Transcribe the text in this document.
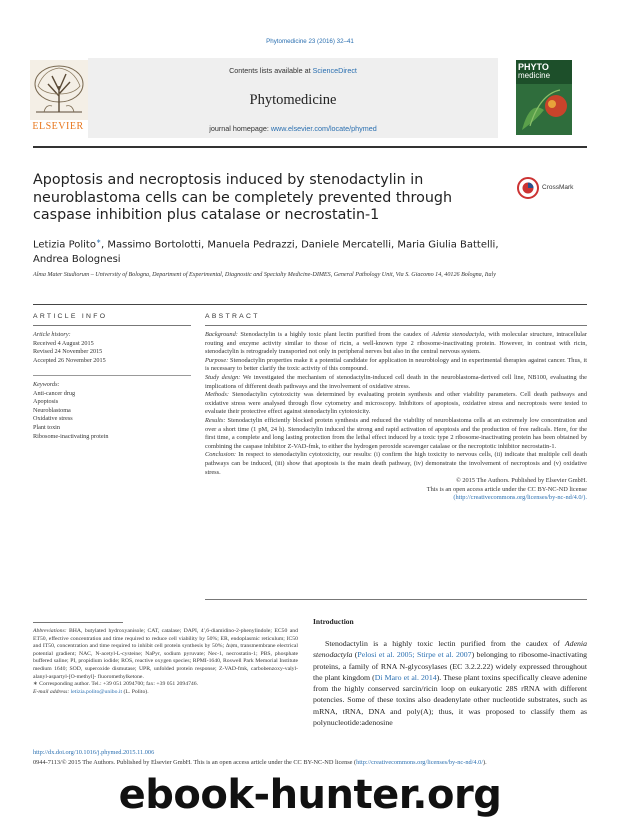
Phytomedicine 23 (2016) 32–41
ELSEVIER
Contents lists available at ScienceDirect
Phytomedicine
journal homepage: www.elsevier.com/locate/phymed
PHYTO
medicine
Apoptosis and necroptosis induced by stenodactylin in neuroblastoma cells can be completely prevented through caspase inhibition plus catalase or necrostatin-1
CrossMark
Letizia Polito∗, Massimo Bortolotti, Manuela Pedrazzi, Daniele Mercatelli, Maria Giulia Battelli,
Andrea Bolognesi
Alma Mater Studiorum – University of Bologna, Department of Experimental, Diagnostic and Specialty Medicine-DIMES, General Pathology Unit, Via S. Giacomo 14, 40126 Bologna, Italy
ARTICLE INFO	ABSTRACT
Article history:
Received 4 August 2015
Revised 24 November 2015
Accepted 26 November 2015
Keywords:
Anti-cancer drug
Apoptosis
Neuroblastoma
Oxidative stress
Plant toxin
Ribosome-inactivating protein

Background: Stenodactylin is a highly toxic plant lectin purified from the caudex of Adenia stenodactyla, with molecular structure, intracellular routing and enzyme activity similar to those of ricin, a well-known type 2 ribosome-inactivating protein. However, in contrast with ricin, stenodactylin is retrogradely transported not only in peripheral nerves but also in the central nervous system.

Purpose: Stenodactylin properties make it a potential candidate for application in neurobiology and in experimental therapies against cancer. Thus, it is necessary to better clarify the toxic activity of this compound.

Study design: We investigated the mechanism of stenodactylin-induced cell death in the neuroblastoma-derived cell line, NB100, evaluating the implications of different death pathways and the involvement of oxidative stress.

Methods: Stenodactylin cytotoxicity was determined by evaluating protein synthesis and other viability parameters. Cell death pathways and oxidative stress were analysed through flow cytometry and microscopy. Inhibitors of apoptosis, oxidative stress and necroptosis were tested to evaluate their protective effect against stenodactylin cytotoxicity.

Results: Stenodactylin efficiently blocked protein synthesis and reduced the viability of neuroblastoma cells at an extremely low concentration and over a short time (1 pM, 24 h). Stenodactylin induced the strong and rapid activation of apoptosis and the production of free radicals. Here, for the first time, a complete and long lasting protection from the lethal effect induced by a toxic type 2 ribosome-inactivating protein has been obtained by combining the caspase inhibitor Z-VAD-fmk, to either the hydrogen peroxide scavenger catalase or the necroptotic inhibitor necrostatin-1.

Conclusion: In respect to stenodactylin cytotoxicity, our results: (i) confirm the high toxicity to nervous cells, (ii) indicate that multiple cell death pathways can be induced, (iii) show that apoptosis is the main death pathway, (iv) demonstrate the involvement of necroptosis and (v) oxidative stress.

© 2015 The Authors. Published by Elsevier GmbH.

This is an open access article under the CC BY-NC-ND license

(http://creativecommons.org/licenses/by-nc-nd/4.0/).

Abbreviations: BHA, butylated hydroxyanisole; CAT, catalase; DAPI, 4′,6-diamidino-2-phenylindole; EC50 and ET50, effective concentration and time required to reduce cell viability by 50%; ER, endoplasmic reticulum; IC50 and IT50, concentration and time required to inhibit cell protein synthesis by 50%; Δψm, transmembrane electrical potential gradient; NAC, N-acetyl-L-cysteine; NaPyr, sodium pyruvate; Nec-1, necrostatin-1; PBS, phosphate buffered saline; PI, propidium iodide; ROS, reactive oxygen species; RPMI-1640, Roswell Park Memorial Institute medium 1640; SOD, superoxide dismutase; UPR, unfolded protein response; Z-VAD-fmk, carbobenzoxy-valyl-alanyl-aspartyl-[O-methyl]- fluoromethylketone.

∗ Corresponding author. Tel.: +39 051 2094700; fax: +39 051 2094746.

E-mail address: letizia.polito@unibo.it (L. Polito).

Introduction
Stenodactylin is a highly toxic lectin purified from the caudex of Adenia stenodactyla (Pelosi et al. 2005; Stirpe et al. 2007) belonging to ribosome-inactivating proteins, a family of RNA N-glycosylases (EC 3.2.2.22) widely expressed throughout the plant kingdom (Di Maro et al. 2014). These plant toxins specifically cleave adenine from the highly conserved sarcin/ricin loop on eukaryotic 28S rRNA with different potencies. Some of these toxins also deadenylate other nucleotide substrates, such as mRNA, tRNA, DNA and poly(A); thus, it was proposed to classify them as polynucleotide:adenosine
http://dx.doi.org/10.1016/j.phymed.2015.11.006
0944-7113/© 2015 The Authors. Published by Elsevier GmbH. This is an open access article under the CC BY-NC-ND license (http://creativecommons.org/licenses/by-nc-nd/4.0/).
ebook-hunter.org
